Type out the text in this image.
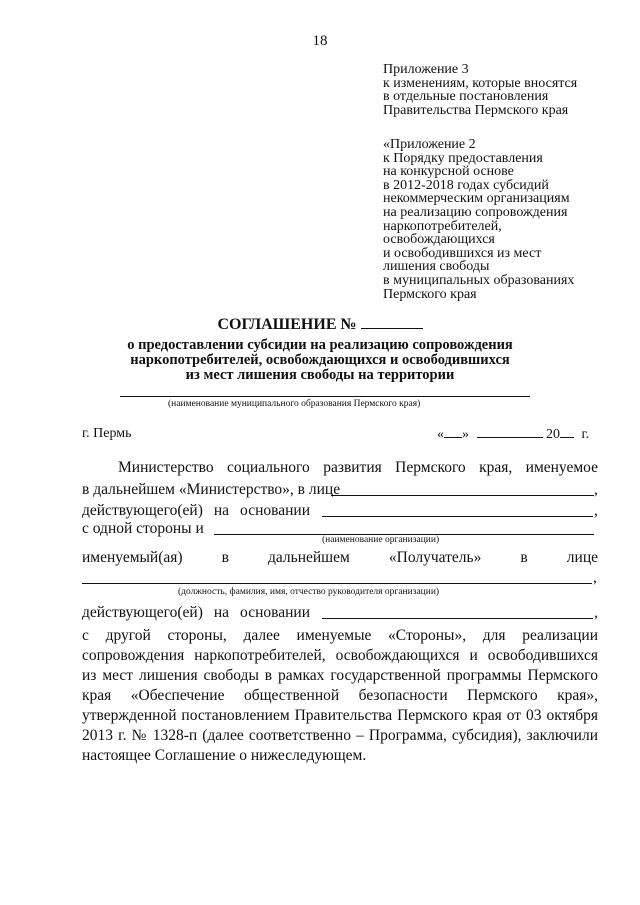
18
Приложение 3
к изменениям, которые вносятся
в отдельные постановления
Правительства Пермского края
«Приложение 2
к Порядку предоставления
на конкурсной основе
в 2012-2018 годах субсидий
некоммерческим организациям
на реализацию сопровождения
наркопотребителей,
освобождающихся
и освободившихся из мест
лишения свободы
в муниципальных образованиях
Пермского края
СОГЛАШЕНИЕ №
о предоставлении субсидии на реализацию сопровождения
наркопотребителей, освобождающихся и освободившихся
из мест лишения свободы на территории
(наименование муниципального образования Пермского края)
г. Пермь	« »	20 г.
Министерство социального развития Пермского края, именуемое
в дальнейшем «Министерство», в лице	,
действующего(ей) на основании	,
с одной стороны и
(наименование организации)
именуемый(ая) в дальнейшем «Получатель» в лице
,
(должность, фамилия, имя, отчество руководителя организации)
действующего(ей) на основании	,
с другой стороны, далее именуемые «Стороны», для реализации
сопровождения наркопотребителей, освобождающихся и освободившихся
из мест лишения свободы в рамках государственной программы Пермского
края «Обеспечение общественной безопасности Пермского края»,
утвержденной постановлением Правительства Пермского края от 03 октября
2013 г. № 1328-п (далее соответственно – Программа, субсидия), заключили
настоящее Соглашение о нижеследующем.
